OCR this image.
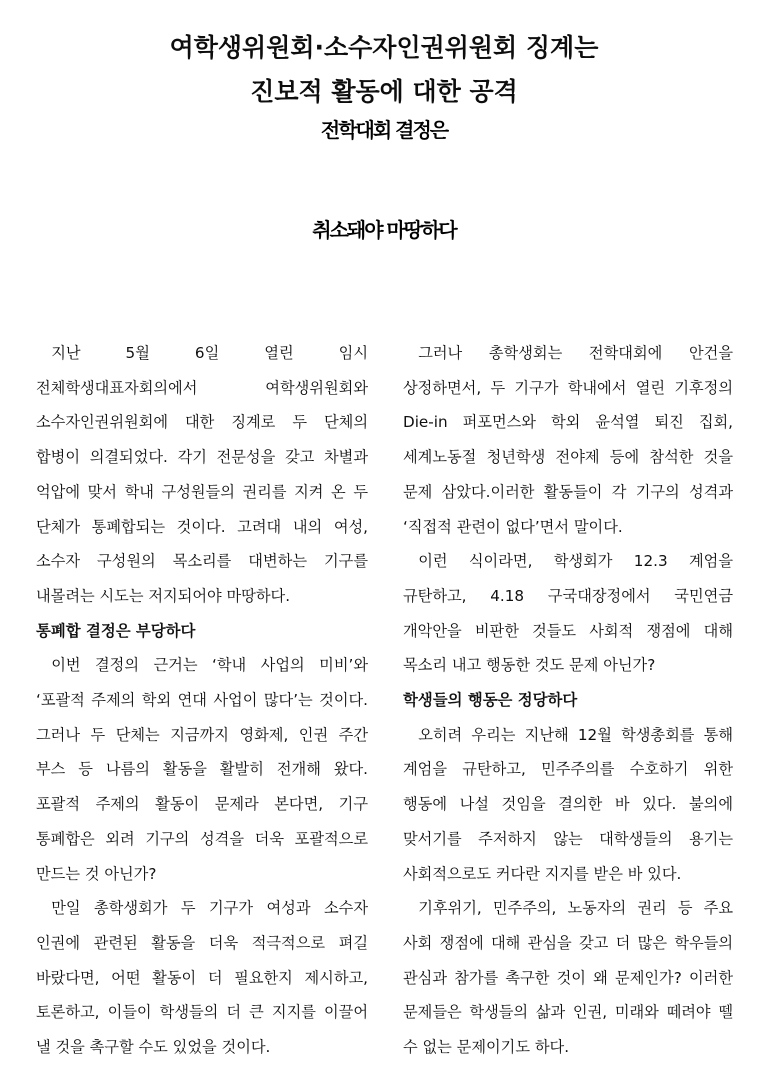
여학생위원회·소수자인권위원회 징계는
진보적 활동에 대한 공격
전학대회 결정은
취소돼야 마땅하다

지난 5월 6일 열린 임시 전체학생대표자회의에서 여학생위원회와 소수자인권위원회에 대한 징계로 두 단체의 합병이 의결되었다. 각기 전문성을 갖고 차별과 억압에 맞서 학내 구성원들의 권리를 지켜 온 두 단체가 통폐합되는 것이다. 고려대 내의 여성, 소수자 구성원의 목소리를 대변하는 기구를 내몰려는 시도는 저지되어야 마땅하다.

통폐합 결정은 부당하다

이번 결정의 근거는 ‘학내 사업의 미비’와 ‘포괄적 주제의 학외 연대 사업이 많다’는 것이다. 그러나 두 단체는 지금까지 영화제, 인권 주간 부스 등 나름의 활동을 활발히 전개해 왔다. 포괄적 주제의 활동이 문제라 본다면, 기구 통폐합은 외려 기구의 성격을 더욱 포괄적으로 만드는 것 아닌가?

만일 총학생회가 두 기구가 여성과 소수자 인권에 관련된 활동을 더욱 적극적으로 펴길 바랐다면, 어떤 활동이 더 필요한지 제시하고, 토론하고, 이들이 학생들의 더 큰 지지를 이끌어 낼 것을 촉구할 수도 있었을 것이다.

그러나 총학생회는 전학대회에 안건을 상정하면서, 두 기구가 학내에서 열린 기후정의 Die-in 퍼포먼스와 학외 윤석열 퇴진 집회, 세계노동절 청년학생 전야제 등에 참석한 것을 문제 삼았다.이러한 활동들이 각 기구의 성격과 ‘직접적 관련이 없다’면서 말이다.

이런 식이라면, 학생회가 12.3 계엄을 규탄하고, 4.18 구국대장정에서 국민연금 개악안을 비판한 것들도 사회적 쟁점에 대해 목소리 내고 행동한 것도 문제 아닌가?

학생들의 행동은 정당하다

오히려 우리는 지난해 12월 학생총회를 통해 계엄을 규탄하고, 민주주의를 수호하기 위한 행동에 나설 것임을 결의한 바 있다. 불의에 맞서기를 주저하지 않는 대학생들의 용기는 사회적으로도 커다란 지지를 받은 바 있다.

기후위기, 민주주의, 노동자의 권리 등 주요 사회 쟁점에 대해 관심을 갖고 더 많은 학우들의 관심과 참가를 촉구한 것이 왜 문제인가? 이러한 문제들은 학생들의 삶과 인권, 미래와 떼려야 뗄 수 없는 문제이기도 하다.
